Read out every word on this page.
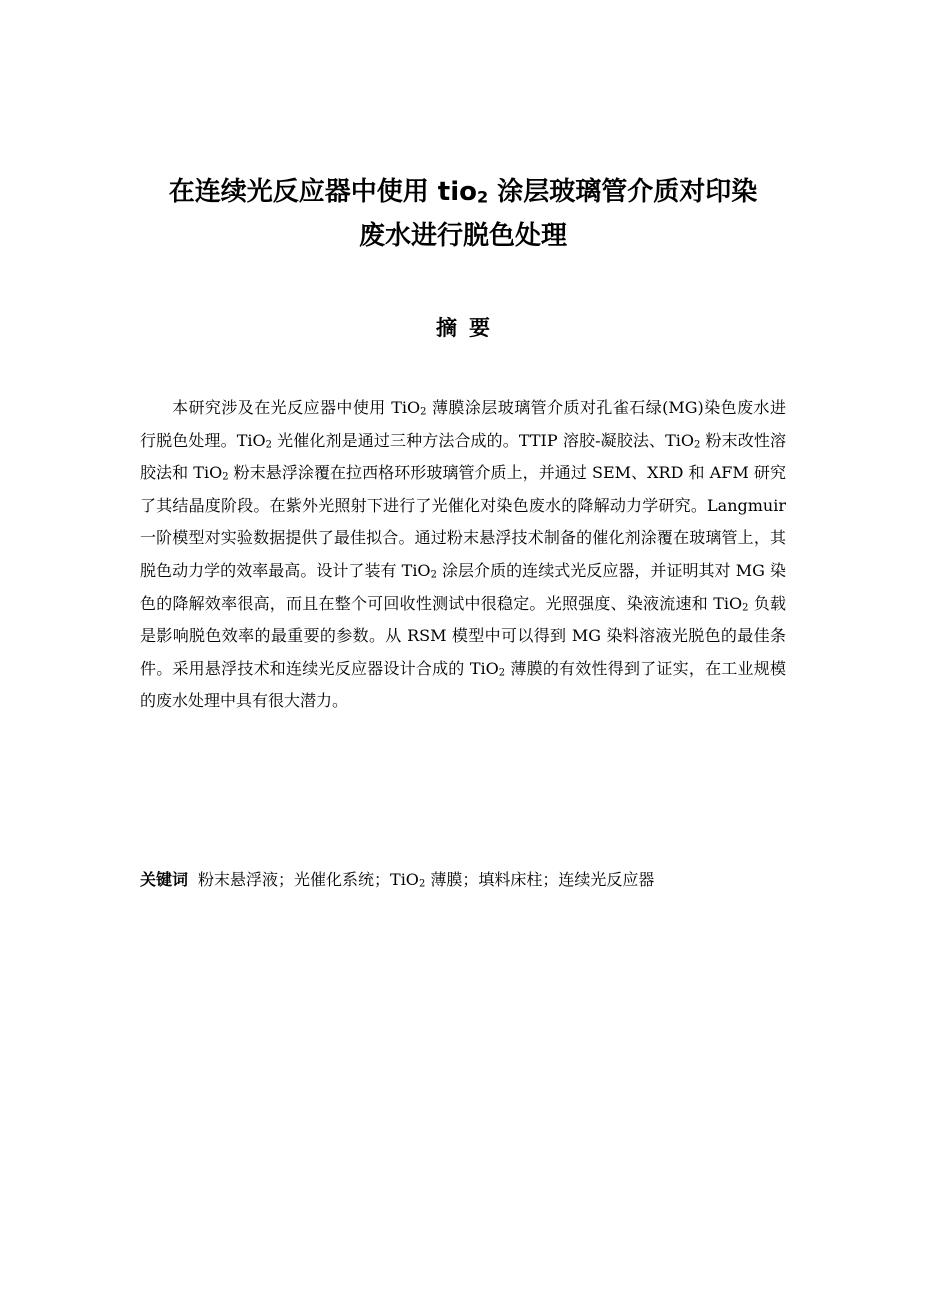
在连续光反应器中使用 tio$_2$ 涂层玻璃管介质对印染
废水进行脱色处理
摘要

本研究涉及在光反应器中使用 TiO$_2$ 薄膜涂层玻璃管介质对孔雀石绿(MG)染色废水进行脱色处理。TiO$_2$ 光催化剂是通过三种方法合成的。TTIP 溶胶-凝胶法、TiO$_2$ 粉末改性溶胶法和 TiO$_2$ 粉末悬浮涂覆在拉西格环形玻璃管介质上，并通过 SEM、XRD 和 AFM 研究了其结晶度阶段。在紫外光照射下进行了光催化对染色废水的降解动力学研究。Langmuir 一阶模型对实验数据提供了最佳拟合。通过粉末悬浮技术制备的催化剂涂覆在玻璃管上，其脱色动力学的效率最高。设计了装有 TiO$_2$ 涂层介质的连续式光反应器，并证明其对 MG 染色的降解效率很高，而且在整个可回收性测试中很稳定。光照强度、染液流速和 TiO$_2$ 负载是影响脱色效率的最重要的参数。从 RSM 模型中可以得到 MG 染料溶液光脱色的最佳条件。采用悬浮技术和连续光反应器设计合成的 TiO$_2$ 薄膜的有效性得到了证实，在工业规模的废水处理中具有很大潜力。

关键词 粉末悬浮液；光催化系统；TiO$_2$ 薄膜；填料床柱；连续光反应器
